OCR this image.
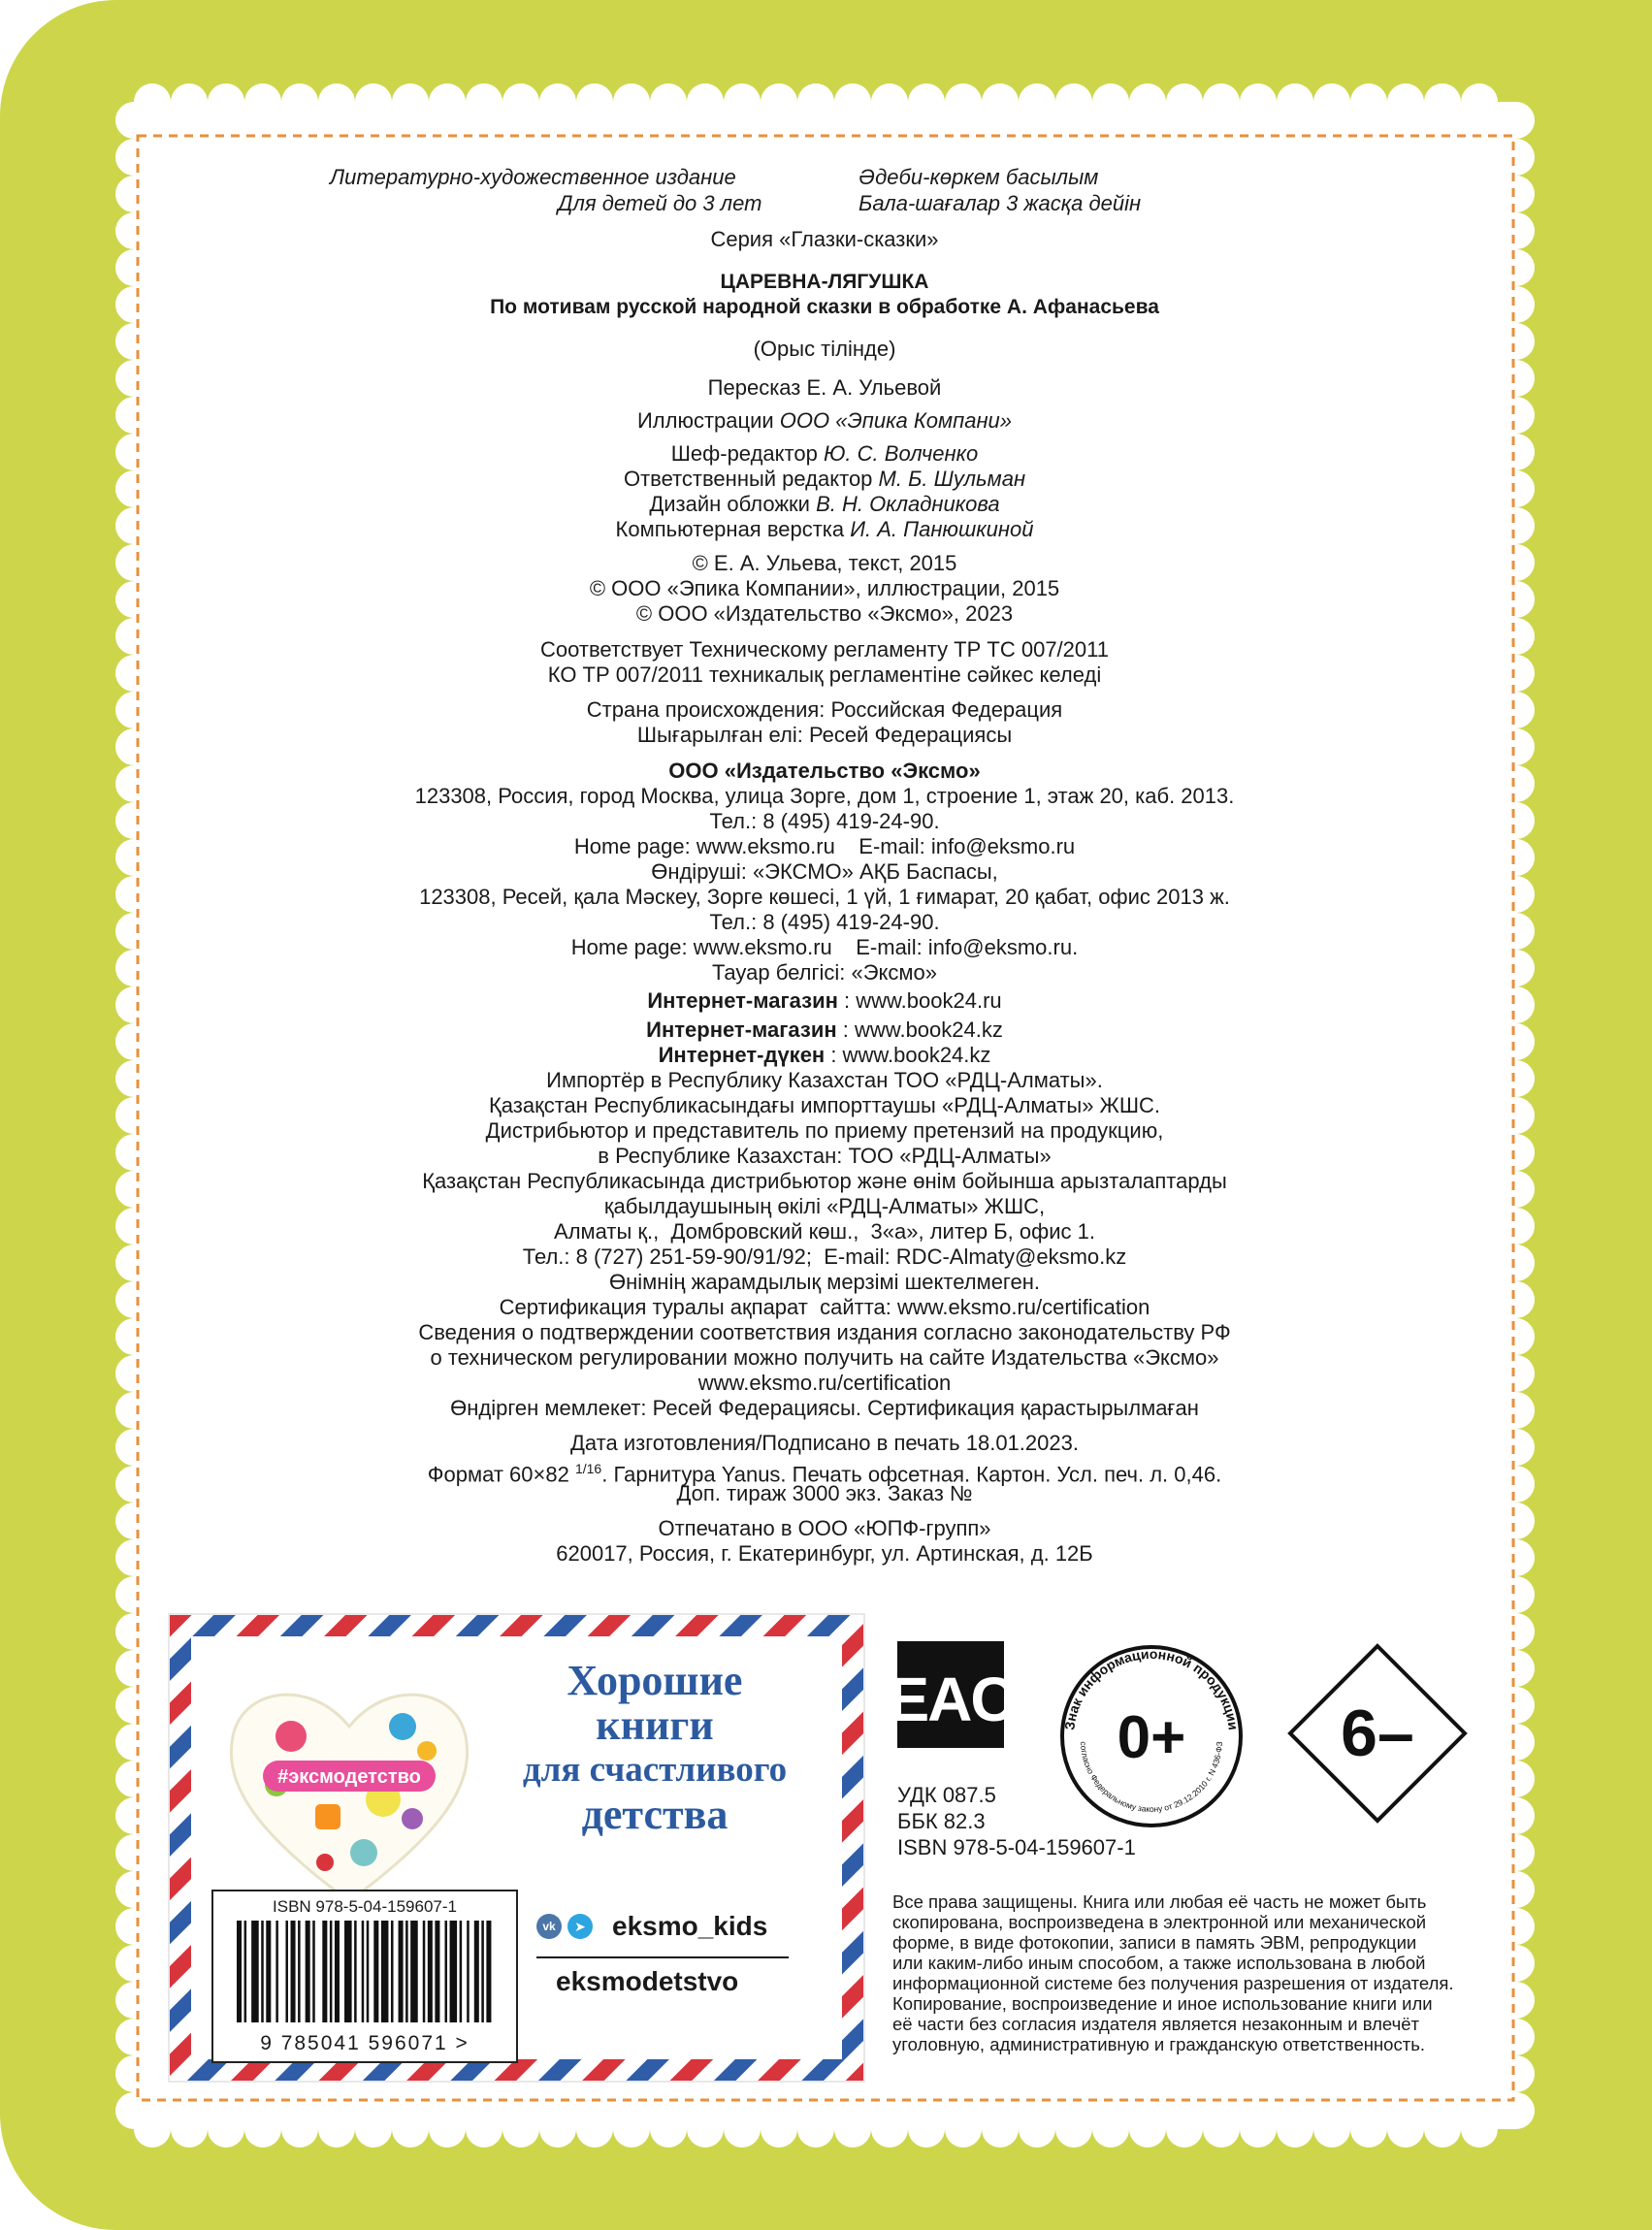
Литературно-художественное издание
Для детей до 3 лет
Әдеби-көркем басылым
Бала-шағалар 3 жасқа дейін
Серия «Глазки-сказки»
ЦАРЕВНА-ЛЯГУШКА
По мотивам русской народной сказки в обработке А. Афанасьева
(Орыс тілінде)
Пересказ Е. А. Ульевой
Иллюстрации ООО «Эпика Компани»
Шеф-редактор Ю. С. Волченко
Ответственный редактор М. Б. Шульман
Дизайн обложки В. Н. Окладникова
Компьютерная верстка И. А. Панюшкиной
© Е. А. Ульева, текст, 2015
© ООО «Эпика Компании», иллюстрации, 2015
© ООО «Издательство «Эксмо», 2023
Соответствует Техническому регламенту ТР ТС 007/2011
КО ТР 007/2011 техникалық регламентіне сәйкес келеді
Страна происхождения: Российская Федерация
Шығарылған елі: Ресей Федерациясы
ООО «Издательство «Эксмо»
123308, Россия, город Москва, улица Зорге, дом 1, строение 1, этаж 20, каб. 2013.
Тел.: 8 (495) 419-24-90.
Home page: www.eksmo.ru    E-mail: info@eksmo.ru
Өндіруші: «ЭКСМО» АҚБ Баспасы,
123308, Ресей, қала Мәскеу, Зорге көшесі, 1 үй, 1 ғимарат, 20 қабат, офис 2013 ж.
Тел.: 8 (495) 419-24-90.
Home page: www.eksmo.ru    E-mail: info@eksmo.ru.
Тауар белгісі: «Эксмо»
Интернет-магазин : www.book24.ru
Интернет-магазин : www.book24.kz
Интернет-дүкен : www.book24.kz
Импортёр в Республику Казахстан ТОО «РДЦ-Алматы».
Қазақстан Республикасындағы импорттаушы «РДЦ-Алматы» ЖШС.
Дистрибьютор и представитель по приему претензий на продукцию,
в Республике Казахстан: ТОО «РДЦ-Алматы»
Қазақстан Республикасында дистрибьютор және өнім бойынша арызталаптарды
қабылдаушының өкілі «РДЦ-Алматы» ЖШС,
Алматы қ.,  Домбровский көш.,  3«а», литер Б, офис 1.
Тел.: 8 (727) 251-59-90/91/92;  E-mail: RDC-Almaty@eksmo.kz
Өнімнің жарамдылық мерзімі шектелмеген.
Сертификация туралы ақпарат  сайтта: www.eksmo.ru/certification
Сведения о подтверждении соответствия издания согласно законодательству РФ
о техническом регулировании можно получить на сайте Издательства «Эксмо»
www.eksmo.ru/certification
Өндірген мемлекет: Ресей Федерациясы. Сертификация қарастырылмаған
Дата изготовления/Подписано в печать 18.01.2023.
Формат 60×82 $^{1/16}$. Гарнитура Yanus. Печать офсетная. Картон. Усл. печ. л. 0,46.
Доп. тираж 3000 экз. Заказ №
Отпечатано в ООО «ЮПФ-групп»
620017, Россия, г. Екатеринбург, ул. Артинская, д. 12Б
#эксмодетство
Хорошие
книги
для счастливого
детства
vk	➤ eksmo_kids
eksmodetstvo
ISBN 978-5-04-159607-1
9 785041 596071 >
EAC	Знак информационной продукции
согласно Федеральному закону от 29.12.2010 г. N 436-ФЗ
0+ 6–
УДК 087.5
ББК 82.3
ISBN 978-5-04-159607-1
Все права защищены. Книга или любая её часть не может быть
скопирована, воспроизведена в электронной или механической
форме, в виде фотокопии, записи в память ЭВМ, репродукции
или каким-либо иным способом, а также использована в любой
информационной системе без получения разрешения от издателя.
Копирование, воспроизведение и иное использование книги или
её части без согласия издателя является незаконным и влечёт
уголовную, административную и гражданскую ответственность.
